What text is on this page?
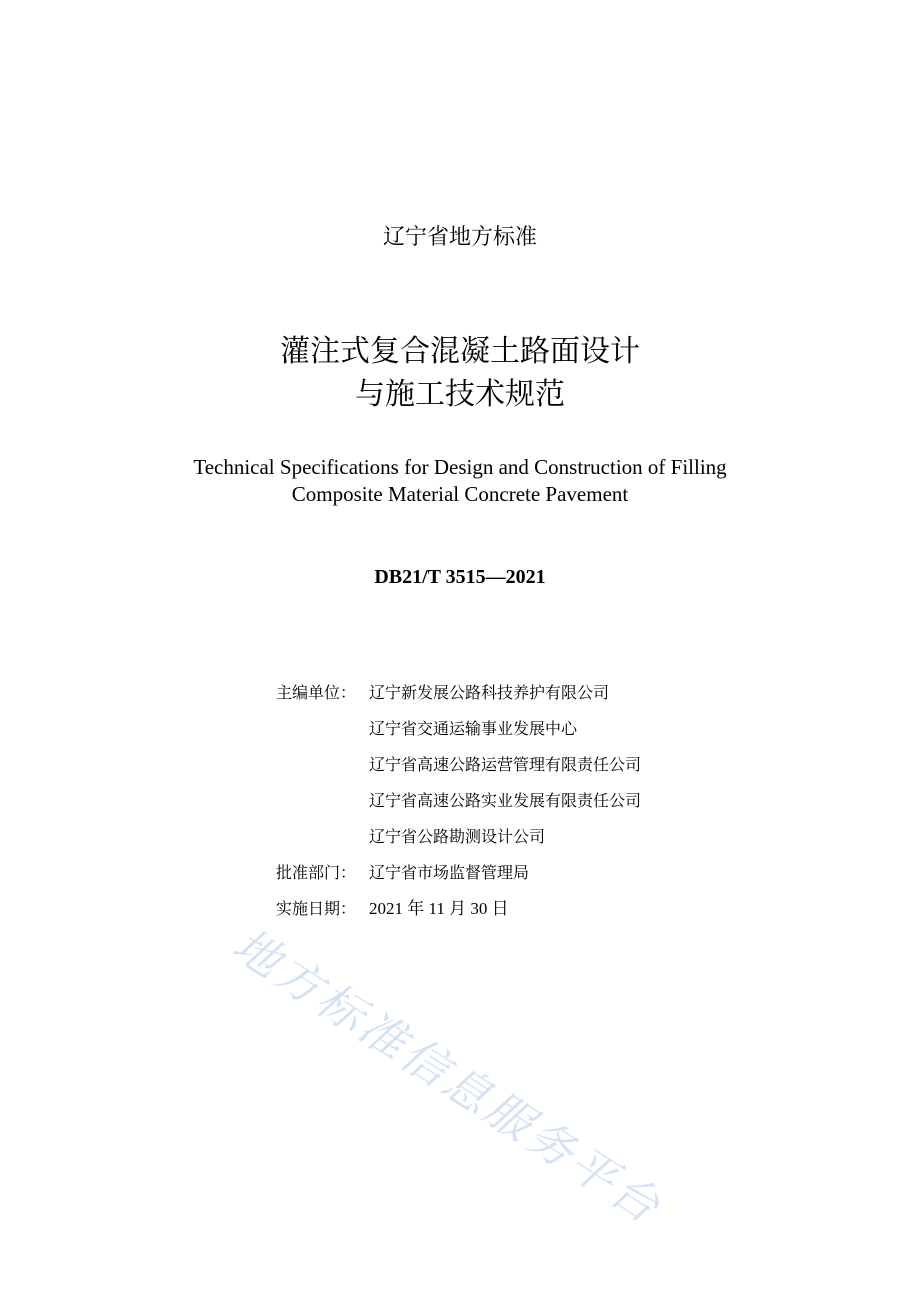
辽宁省地方标准
灌注式复合混凝土路面设计
与施工技术规范
Technical Specifications for Design and Construction of Filling
Composite Material Concrete Pavement
DB21/T 3515—2021
主编单位： 辽宁新发展公路科技养护有限公司
辽宁省交通运输事业发展中心
辽宁省高速公路运营管理有限责任公司
辽宁省高速公路实业发展有限责任公司
辽宁省公路勘测设计公司
批准部门： 辽宁省市场监督管理局
实施日期： 2021 年 11 月 30 日
地方标准信息服务平台
